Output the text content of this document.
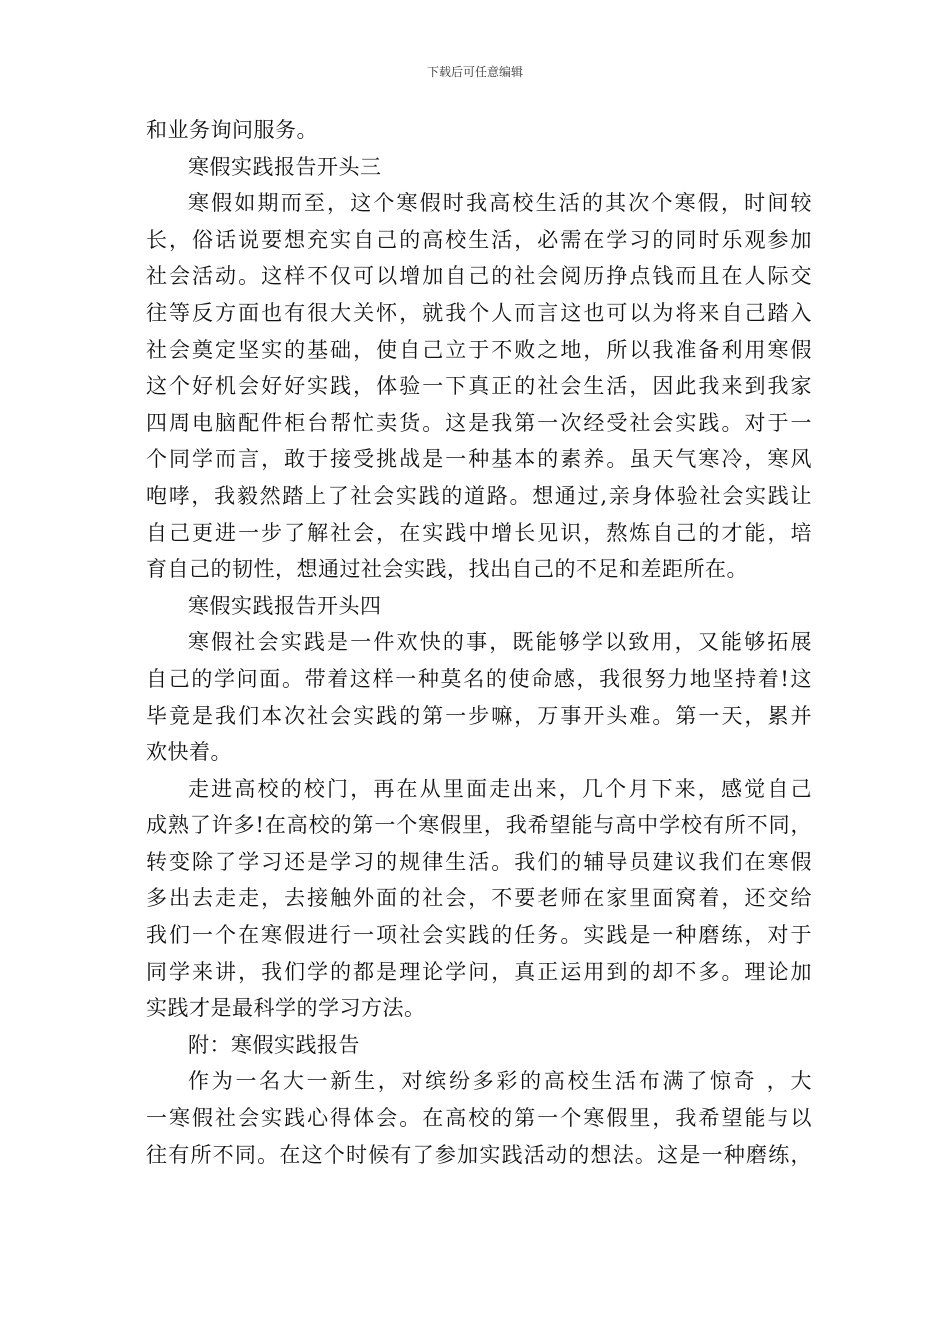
下载后可任意编辑
和业务询问服务。
寒假实践报告开头三
寒假如期而至，这个寒假时我高校生活的其次个寒假，时间较
长，俗话说要想充实自己的高校生活，必需在学习的同时乐观参加
社会活动。这样不仅可以增加自己的社会阅历挣点钱而且在人际交
往等反方面也有很大关怀，就我个人而言这也可以为将来自己踏入
社会奠定坚实的基础，使自己立于不败之地，所以我准备利用寒假
这个好机会好好实践，体验一下真正的社会生活，因此我来到我家
四周电脑配件柜台帮忙卖货。这是我第一次经受社会实践。对于一
个同学而言，敢于接受挑战是一种基本的素养。虽天气寒冷，寒风
咆哮，我毅然踏上了社会实践的道路。想通过,亲身体验社会实践让
自己更进一步了解社会，在实践中增长见识，熬炼自己的才能，培
育自己的韧性，想通过社会实践，找出自己的不足和差距所在。
寒假实践报告开头四
寒假社会实践是一件欢快的事，既能够学以致用，又能够拓展
自己的学问面。带着这样一种莫名的使命感，我很努力地坚持着!这
毕竟是我们本次社会实践的第一步嘛，万事开头难。第一天，累并
欢快着。
走进高校的校门，再在从里面走出来，几个月下来，感觉自己
成熟了许多!在高校的第一个寒假里，我希望能与高中学校有所不同，
转变除了学习还是学习的规律生活。我们的辅导员建议我们在寒假
多出去走走，去接触外面的社会，不要老师在家里面窝着，还交给
我们一个在寒假进行一项社会实践的任务。实践是一种磨练，对于
同学来讲，我们学的都是理论学问，真正运用到的却不多。理论加
实践才是最科学的学习方法。
附：寒假实践报告
作为一名大一新生，对缤纷多彩的高校生活布满了惊奇 ，大
一寒假社会实践心得体会。在高校的第一个寒假里，我希望能与以
往有所不同。在这个时候有了参加实践活动的想法。这是一种磨练，
